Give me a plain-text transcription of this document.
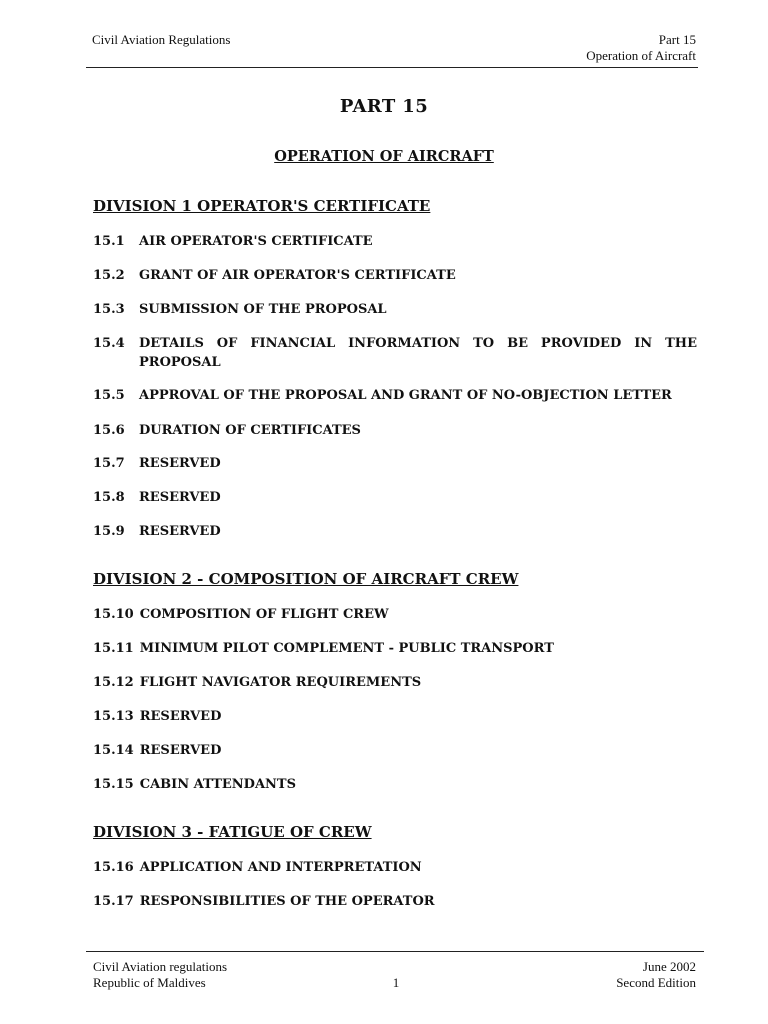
Civil Aviation Regulations	Part 15
Operation of Aircraft
PART 15
OPERATION OF AIRCRAFT
DIVISION 1 OPERATOR'S CERTIFICATE
15.1 AIR OPERATOR'S CERTIFICATE
15.2 GRANT OF AIR OPERATOR'S CERTIFICATE
15.3 SUBMISSION OF THE PROPOSAL
15.4 DETAILS OF FINANCIAL INFORMATION TO BE PROVIDED IN THE
PROPOSAL
15.5 APPROVAL OF THE PROPOSAL AND GRANT OF NO-OBJECTION LETTER
15.6 DURATION OF CERTIFICATES
15.7 RESERVED
15.8 RESERVED
15.9 RESERVED
DIVISION 2 - COMPOSITION OF AIRCRAFT CREW
15.10 COMPOSITION OF FLIGHT CREW
15.11 MINIMUM PILOT COMPLEMENT - PUBLIC TRANSPORT
15.12 FLIGHT NAVIGATOR REQUIREMENTS
15.13 RESERVED
15.14 RESERVED
15.15 CABIN ATTENDANTS
DIVISION 3 - FATIGUE OF CREW
15.16 APPLICATION AND INTERPRETATION
15.17 RESPONSIBILITIES OF THE OPERATOR
Civil Aviation regulations
Republic of Maldives	1
June 2002
Second Edition
